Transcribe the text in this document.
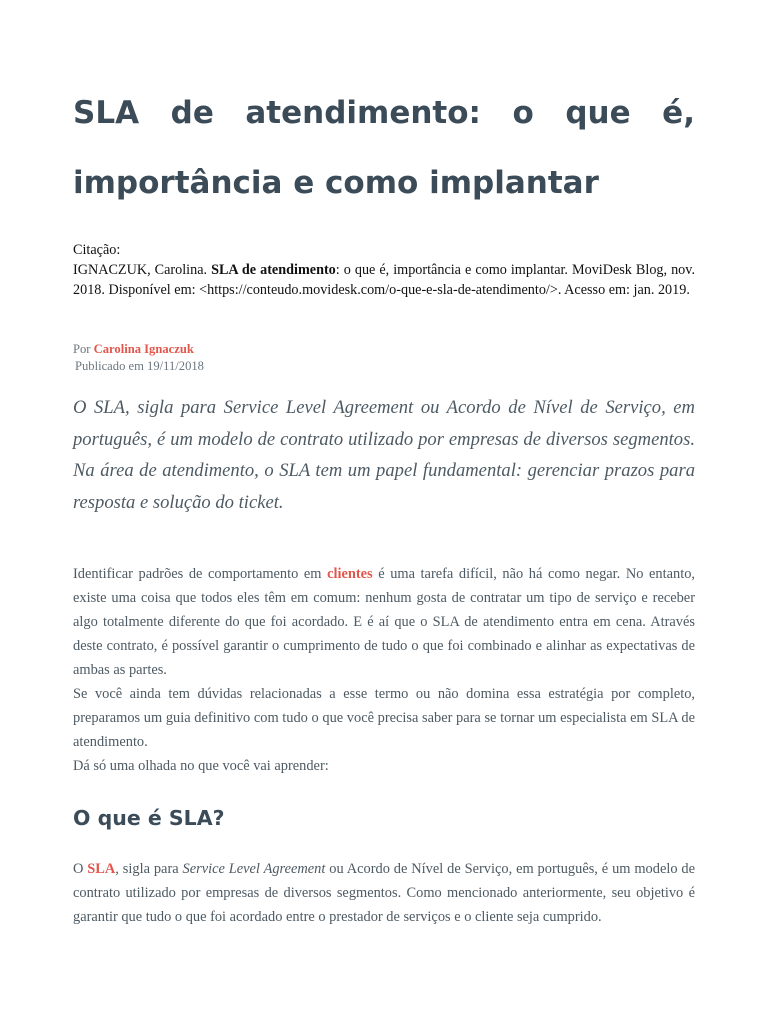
SLA de atendimento: o que é, importância e como implantar
Citação:
IGNACZUK, Carolina. SLA de atendimento: o que é, importância e como implantar. MoviDesk Blog, nov. 2018. Disponível em: <https://conteudo.movidesk.com/o-que-e-sla-de-atendimento/>. Acesso em: jan. 2019.
Por Carolina Ignaczuk
Publicado em 19/11/2018

O SLA, sigla para Service Level Agreement ou Acordo de Nível de Serviço, em português, é um modelo de contrato utilizado por empresas de diversos segmentos. Na área de atendimento, o SLA tem um papel fundamental: gerenciar prazos para resposta e solução do ticket.

Identificar padrões de comportamento em clientes é uma tarefa difícil, não há como negar. No entanto, existe uma coisa que todos eles têm em comum: nenhum gosta de contratar um tipo de serviço e receber algo totalmente diferente do que foi acordado. E é aí que o SLA de atendimento entra em cena. Através deste contrato, é possível garantir o cumprimento de tudo o que foi combinado e alinhar as expectativas de ambas as partes.

Se você ainda tem dúvidas relacionadas a esse termo ou não domina essa estratégia por completo, preparamos um guia definitivo com tudo o que você precisa saber para se tornar um especialista em SLA de atendimento.

Dá só uma olhada no que você vai aprender:

O que é SLA?

O SLA, sigla para Service Level Agreement ou Acordo de Nível de Serviço, em português, é um modelo de contrato utilizado por empresas de diversos segmentos. Como mencionado anteriormente, seu objetivo é garantir que tudo o que foi acordado entre o prestador de serviços e o cliente seja cumprido.
